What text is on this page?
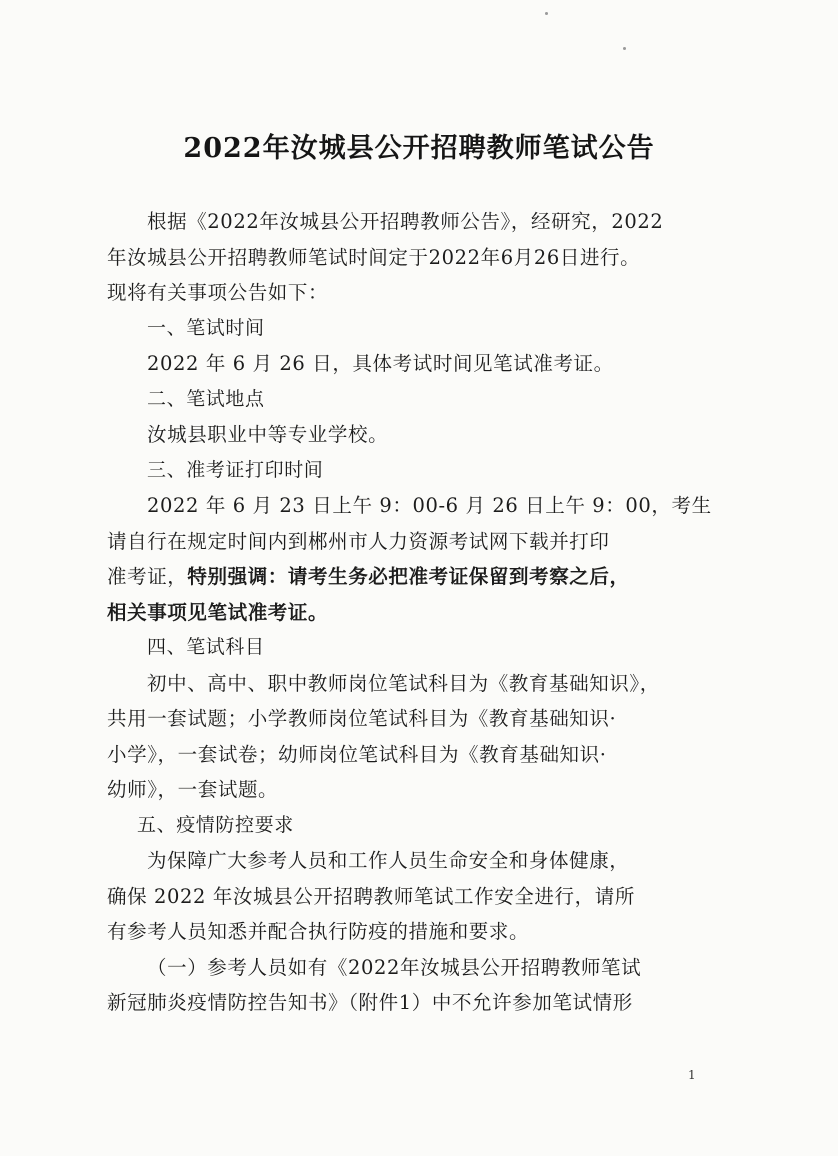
2022年汝城县公开招聘教师笔试公告
根据《2022年汝城县公开招聘教师公告》，经研究，2022
年汝城县公开招聘教师笔试时间定于2022年6月26日进行。
现将有关事项公告如下：
一、笔试时间
2022 年 6 月 26 日，具体考试时间见笔试准考证。
二、笔试地点
汝城县职业中等专业学校。
三、准考证打印时间
2022 年 6 月 23 日上午 9：00-6 月 26 日上午 9：00，考生
请自行在规定时间内到郴州市人力资源考试网下载并打印
准考证，特别强调：请考生务必把准考证保留到考察之后，
相关事项见笔试准考证。
四、笔试科目
初中、高中、职中教师岗位笔试科目为《教育基础知识》，
共用一套试题；小学教师岗位笔试科目为《教育基础知识·
小学》，一套试卷；幼师岗位笔试科目为《教育基础知识·
幼师》，一套试题。
五、疫情防控要求
为保障广大参考人员和工作人员生命安全和身体健康，
确保 2022 年汝城县公开招聘教师笔试工作安全进行，请所
有参考人员知悉并配合执行防疫的措施和要求。
（一）参考人员如有《2022年汝城县公开招聘教师笔试
新冠肺炎疫情防控告知书》（附件1）中不允许参加笔试情形
1
